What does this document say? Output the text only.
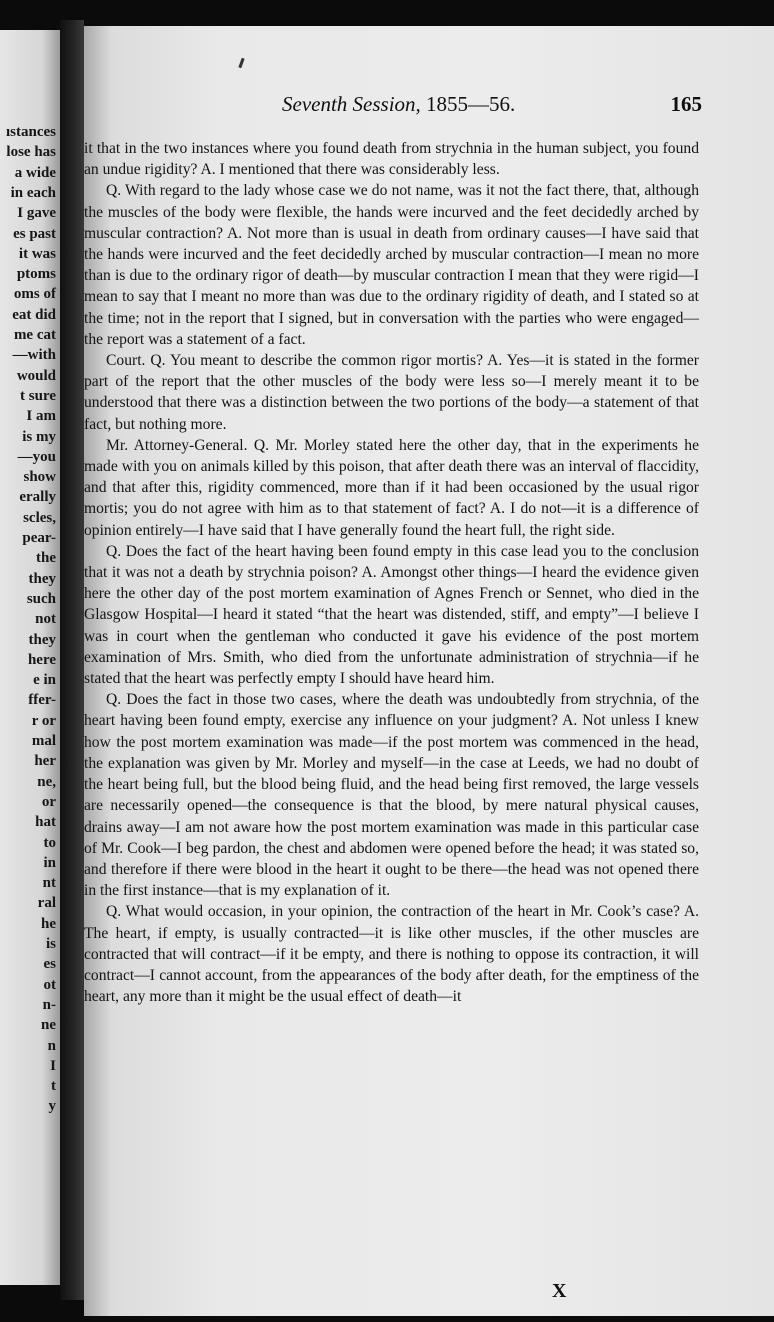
ıstances
lose has
a wide
in each
I gave
es past
it was
ptoms
oms of
eat did
me cat
—with
would
t sure
I am
is my
—you
show
erally
scles,
pear-
the
they
such
not
they
here
e in
ffer-
r or
mal
her
ne,
or
hat
to
in
nt
ral
he
is
es
ot
n-
ne
n
I
t
y
Seventh Session, 1855—56.	165

it that in the two instances where you found death from strychnia in the human subject, you found an undue rigidity? A. I mentioned that there was considerably less.

Q. With regard to the lady whose case we do not name, was it not the fact there, that, although the muscles of the body were flexible, the hands were incurved and the feet decidedly arched by muscular contraction? A. Not more than is usual in death from ordinary causes—I have said that the hands were incurved and the feet decidedly arched by muscular contraction—I mean no more than is due to the ordinary rigor of death—by muscular contraction I mean that they were rigid—I mean to say that I meant no more than was due to the ordinary rigidity of death, and I stated so at the time; not in the report that I signed, but in conversation with the parties who were engaged—the report was a statement of a fact.

Court. Q. You meant to describe the common rigor mortis? A. Yes—it is stated in the former part of the report that the other muscles of the body were less so—I merely meant it to be understood that there was a distinction between the two portions of the body—a statement of that fact, but nothing more.

Mr. Attorney-General. Q. Mr. Morley stated here the other day, that in the experiments he made with you on animals killed by this poison, that after death there was an interval of flaccidity, and that after this, rigidity commenced, more than if it had been occasioned by the usual rigor mortis; you do not agree with him as to that statement of fact? A. I do not—it is a difference of opinion entirely—I have said that I have generally found the heart full, the right side.

Q. Does the fact of the heart having been found empty in this case lead you to the conclusion that it was not a death by strychnia poison? A. Amongst other things—I heard the evidence given here the other day of the post mortem examination of Agnes French or Sennet, who died in the Glasgow Hospital—I heard it stated “that the heart was distended, stiff, and empty”—I believe I was in court when the gentleman who conducted it gave his evidence of the post mortem examination of Mrs. Smith, who died from the unfortunate administration of strychnia—if he stated that the heart was perfectly empty I should have heard him.

Q. Does the fact in those two cases, where the death was undoubtedly from strychnia, of the heart having been found empty, exercise any influence on your judgment? A. Not unless I knew how the post mortem examination was made—if the post mortem was commenced in the head, the explanation was given by Mr. Morley and myself—in the case at Leeds, we had no doubt of the heart being full, but the blood being fluid, and the head being first removed, the large vessels are necessarily opened—the consequence is that the blood, by mere natural physical causes, drains away—I am not aware how the post mortem examination was made in this particular case of Mr. Cook—I beg pardon, the chest and abdomen were opened before the head; it was stated so, and therefore if there were blood in the heart it ought to be there—the head was not opened there in the first instance—that is my explanation of it.

Q. What would occasion, in your opinion, the contraction of the heart in Mr. Cook’s case? A. The heart, if empty, is usually contracted—it is like other muscles, if the other muscles are contracted that will contract—if it be empty, and there is nothing to oppose its contraction, it will contract—I cannot account, from the appearances of the body after death, for the emptiness of the heart, any more than it might be the usual effect of death—it

X
